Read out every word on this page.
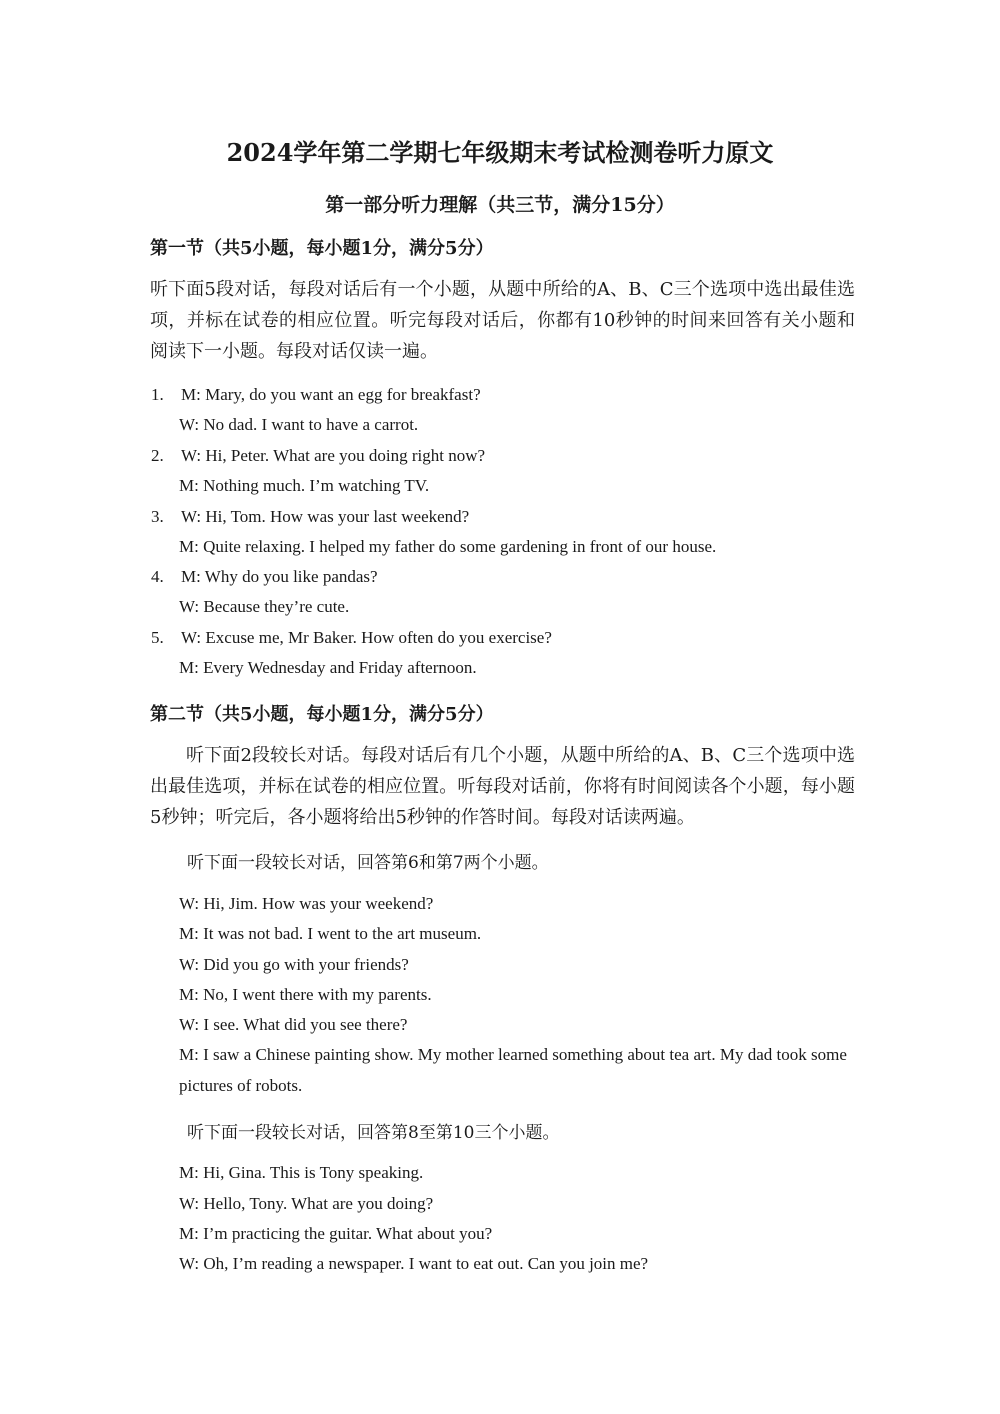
2024学年第二学期七年级期末考试检测卷听力原文
第一部分听力理解（共三节，满分15分）
第一节（共5小题，每小题1分，满分5分）
听下面5段对话，每段对话后有一个小题，从题中所给的A、B、C三个选项中选出最佳选项，并标在试卷的相应位置。听完每段对话后，你都有10秒钟的时间来回答有关小题和阅读下一小题。每段对话仅读一遍。
1. M: Mary, do you want an egg for breakfast?
W: No dad. I want to have a carrot.
2. W: Hi, Peter. What are you doing right now?
M: Nothing much. I’m watching TV.
3. W: Hi, Tom. How was your last weekend?
M: Quite relaxing. I helped my father do some gardening in front of our house.
4. M: Why do you like pandas?
W: Because they’re cute.
5. W: Excuse me, Mr Baker. How often do you exercise?
M: Every Wednesday and Friday afternoon.
第二节（共5小题，每小题1分，满分5分）
听下面2段较长对话。每段对话后有几个小题，从题中所给的A、B、C三个选项中选出最佳选项，并标在试卷的相应位置。听每段对话前，你将有时间阅读各个小题，每小题5秒钟；听完后，各小题将给出5秒钟的作答时间。每段对话读两遍。
听下面一段较长对话，回答第6和第7两个小题。
W: Hi, Jim. How was your weekend?
M: It was not bad. I went to the art museum.
W: Did you go with your friends?
M: No, I went there with my parents.
W: I see. What did you see there?
M: I saw a Chinese painting show. My mother learned something about tea art. My dad took some pictures of robots.
听下面一段较长对话，回答第8至第10三个小题。
M: Hi, Gina. This is Tony speaking.
W: Hello, Tony. What are you doing?
M: I’m practicing the guitar. What about you?
W: Oh, I’m reading a newspaper. I want to eat out. Can you join me?
